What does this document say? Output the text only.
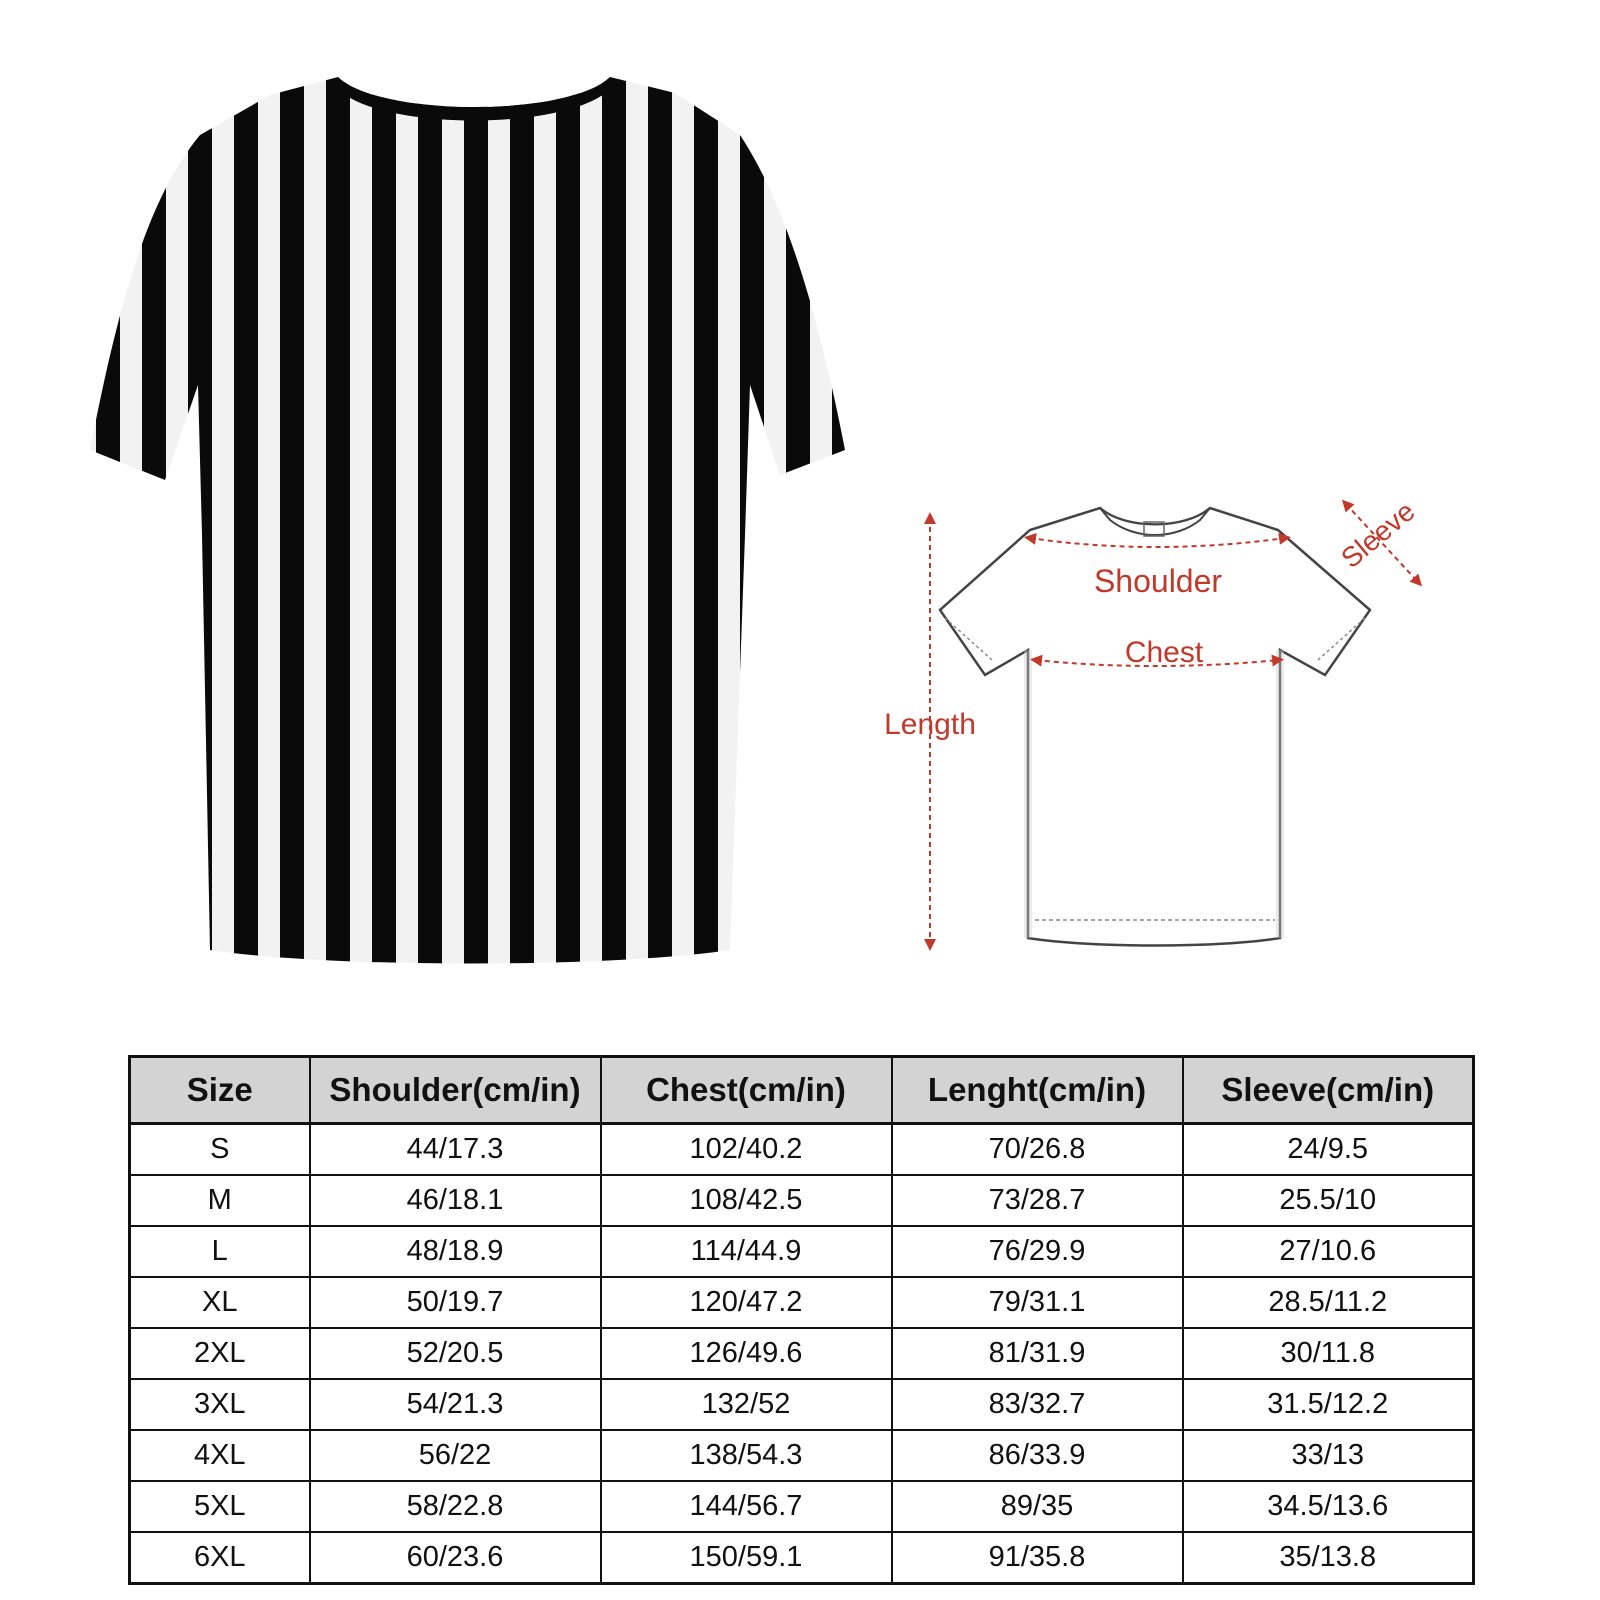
Shoulder
Chest
Length
Sleeve
Size	Shoulder(cm/in)	Chest(cm/in)	Lenght(cm/in)	Sleeve(cm/in)
S	44/17.3	102/40.2	70/26.8	24/9.5
M	46/18.1	108/42.5	73/28.7	25.5/10
L	48/18.9	114/44.9	76/29.9	27/10.6
XL	50/19.7	120/47.2	79/31.1	28.5/11.2
2XL	52/20.5	126/49.6	81/31.9	30/11.8
3XL	54/21.3	132/52	83/32.7	31.5/12.2
4XL	56/22	138/54.3	86/33.9	33/13
5XL	58/22.8	144/56.7	89/35	34.5/13.6
6XL	60/23.6	150/59.1	91/35.8	35/13.8
